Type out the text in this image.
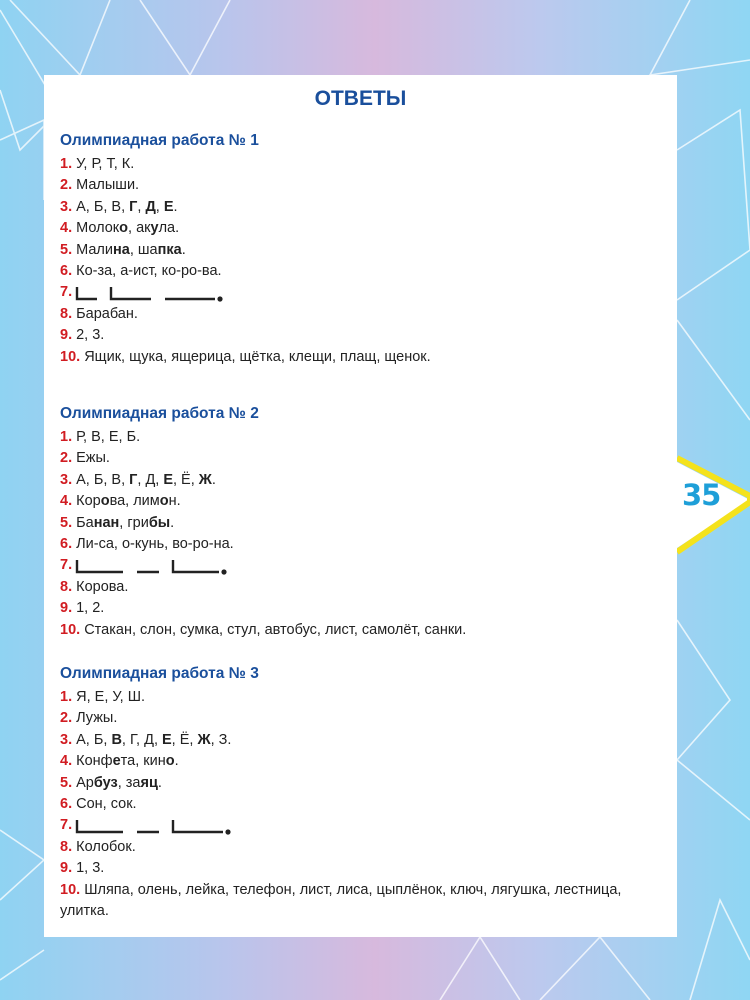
ОТВЕТЫ
Олимпиадная работа № 1
1. У, Р, Т, К.
2. Малыши.
3. А, Б, В, Г, Д, Е.
4. Молоко, акула.
5. Малина, шапка.
6. Ко-за, а-ист, ко-ро-ва.
7.
8. Барабан.
9. 2, 3.
10. Ящик, щука, ящерица, щётка, клещи, плащ, щенок.
Олимпиадная работа № 2
1. Р, В, Е, Б.
2. Ежы.
3. А, Б, В, Г, Д, Е, Ё, Ж.
4. Корова, лимон.
5. Банан, грибы.
6. Ли-са, о-кунь, во-ро-на.
7.
8. Корова.
9. 1, 2.
10. Стакан, слон, сумка, стул, автобус, лист, самолёт, санки.
Олимпиадная работа № 3
1. Я, Е, У, Ш.
2. Лужы.
3. А, Б, В, Г, Д, Е, Ё, Ж, З.
4. Конфета, кино.
5. Арбуз, заяц.
6. Сон, сок.
7.
8. Колобок.
9. 1, 3.
10. Шляпа, олень, лейка, телефон, лист, лиса, цыплёнок, ключ, лягушка, лестница, улитка.
35
